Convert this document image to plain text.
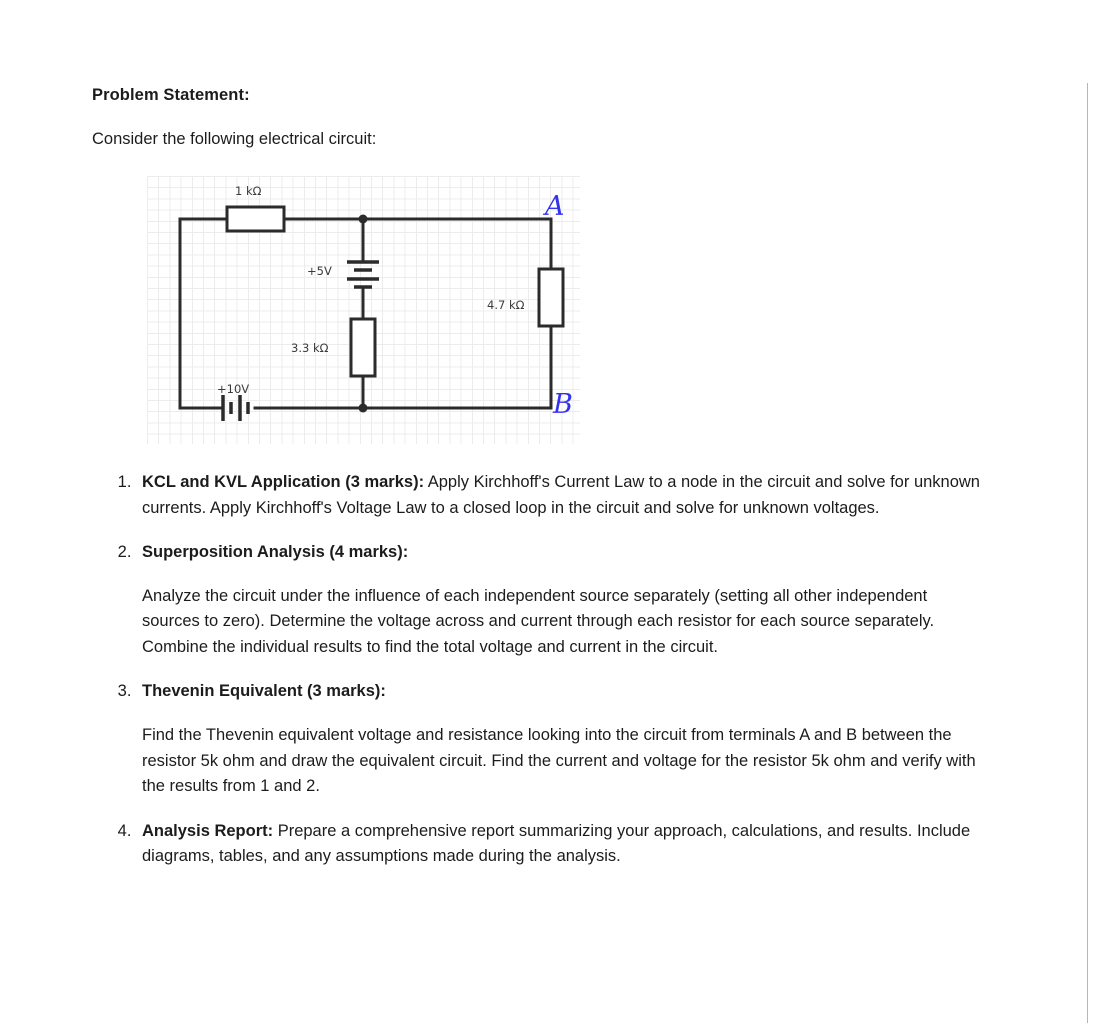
Problem Statement:

Consider the following electrical circuit:

1 kΩ
+5V
3.3 kΩ
4.7 kΩ
+10V
A
B
1. KCL and KVL Application (3 marks): Apply Kirchhoff's Current Law to a node in the circuit and solve for unknown currents. Apply Kirchhoff's Voltage Law to a closed loop in the circuit and solve for unknown voltages.
2. Superposition Analysis (4 marks):
Analyze the circuit under the influence of each independent source separately (setting all other independent sources to zero). Determine the voltage across and current through each resistor for each source separately. Combine the individual results to find the total voltage and current in the circuit.
3. Thevenin Equivalent (3 marks):
Find the Thevenin equivalent voltage and resistance looking into the circuit from terminals A and B between the resistor 5k ohm and draw the equivalent circuit. Find the current and voltage for the resistor 5k ohm and verify with the results from 1 and 2.
4. Analysis Report: Prepare a comprehensive report summarizing your approach, calculations, and results. Include diagrams, tables, and any assumptions made during the analysis.
